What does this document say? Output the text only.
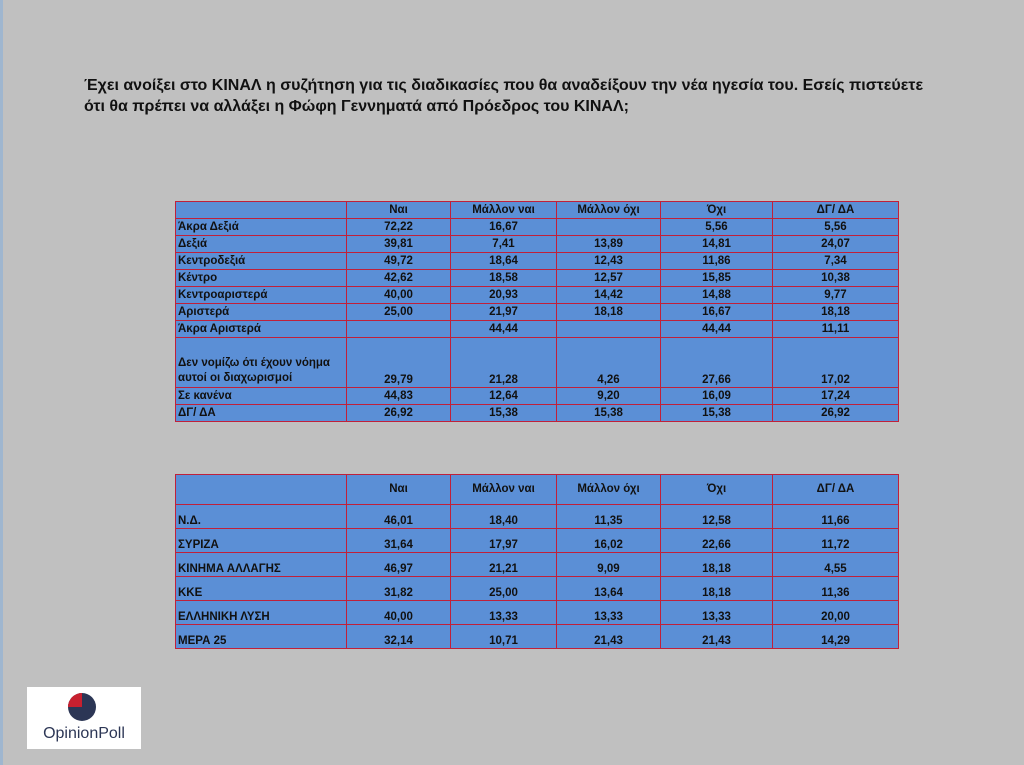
Έχει ανοίξει στο ΚΙΝΑΛ η συζήτηση για τις διαδικασίες που θα αναδείξουν την νέα ηγεσία του. Εσείς πιστεύετε ότι θα πρέπει να αλλάξει η Φώφη Γεννηματά από Πρόεδρος του ΚΙΝΑΛ;

	Ναι	Μάλλον ναι	Μάλλον όχι	Όχι	ΔΓ/ ΔΑ
Άκρα Δεξιά	72,22	16,67		5,56	5,56
Δεξιά	39,81	7,41	13,89	14,81	24,07
Κεντροδεξιά	49,72	18,64	12,43	11,86	7,34
Κέντρο	42,62	18,58	12,57	15,85	10,38
Κεντροαριστερά	40,00	20,93	14,42	14,88	9,77
Αριστερά	25,00	21,97	18,18	16,67	18,18
Άκρα Αριστερά		44,44		44,44	11,11
Δεν νομίζω ότι έχουν νόημα αυτοί οι διαχωρισμοί	29,79	21,28	4,26	27,66	17,02
Σε κανένα	44,83	12,64	9,20	16,09	17,24
ΔΓ/ ΔΑ	26,92	15,38	15,38	15,38	26,92
	Ναι	Μάλλον ναι	Μάλλον όχι	Όχι	ΔΓ/ ΔΑ
Ν.Δ.	46,01	18,40	11,35	12,58	11,66
ΣΥΡΙΖΑ	31,64	17,97	16,02	22,66	11,72
ΚΙΝΗΜΑ ΑΛΛΑΓΗΣ	46,97	21,21	9,09	18,18	4,55
ΚΚΕ	31,82	25,00	13,64	18,18	11,36
ΕΛΛΗΝΙΚΗ ΛΥΣΗ	40,00	13,33	13,33	13,33	20,00
ΜΕΡΑ 25	32,14	10,71	21,43	21,43	14,29
OpinionPoll
